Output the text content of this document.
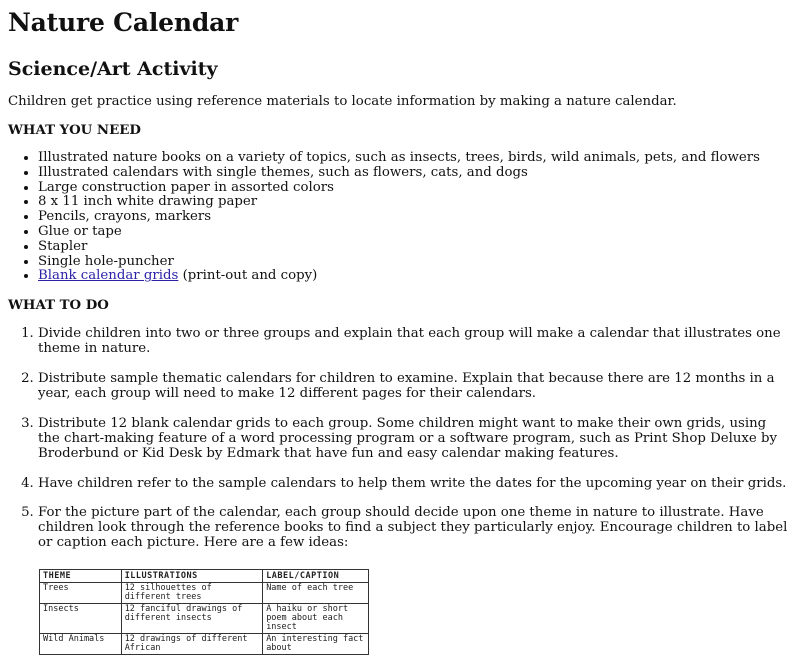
Nature Calendar
Science/Art Activity

Children get practice using reference materials to locate information by making a nature calendar.

WHAT YOU NEED
• Illustrated nature books on a variety of topics, such as insects, trees, birds, wild animals, pets, and flowers
• Illustrated calendars with single themes, such as flowers, cats, and dogs
• Large construction paper in assorted colors
• 8 x 11 inch white drawing paper
• Pencils, crayons, markers
• Glue or tape
• Stapler
• Single hole-puncher
• Blank calendar grids (print-out and copy)
WHAT TO DO
1. Divide children into two or three groups and explain that each group will make a calendar that illustrates one theme in nature.
2. Distribute sample thematic calendars for children to examine. Explain that because there are 12 months in a year, each group will need to make 12 different pages for their calendars.
3. Distribute 12 blank calendar grids to each group. Some children might want to make their own grids, using the chart-making feature of a word processing program or a software program, such as Print Shop Deluxe by Broderbund or Kid Desk by Edmark that have fun and easy calendar making features.
4. Have children refer to the sample calendars to help them write the dates for the upcoming year on their grids.
5. For the picture part of the calendar, each group should decide upon one theme in nature to illustrate. Have children look through the reference books to find a subject they particularly enjoy. Encourage children to label or caption each picture. Here are a few ideas:
THEME	ILLUSTRATIONS	LABEL/CAPTION
Trees	12 silhouettes of different trees	Name of each tree
Insects	12 fanciful drawings of different insects	A haiku or short poem about each insect
Wild Animals	12 drawings of different African	An interesting fact about
